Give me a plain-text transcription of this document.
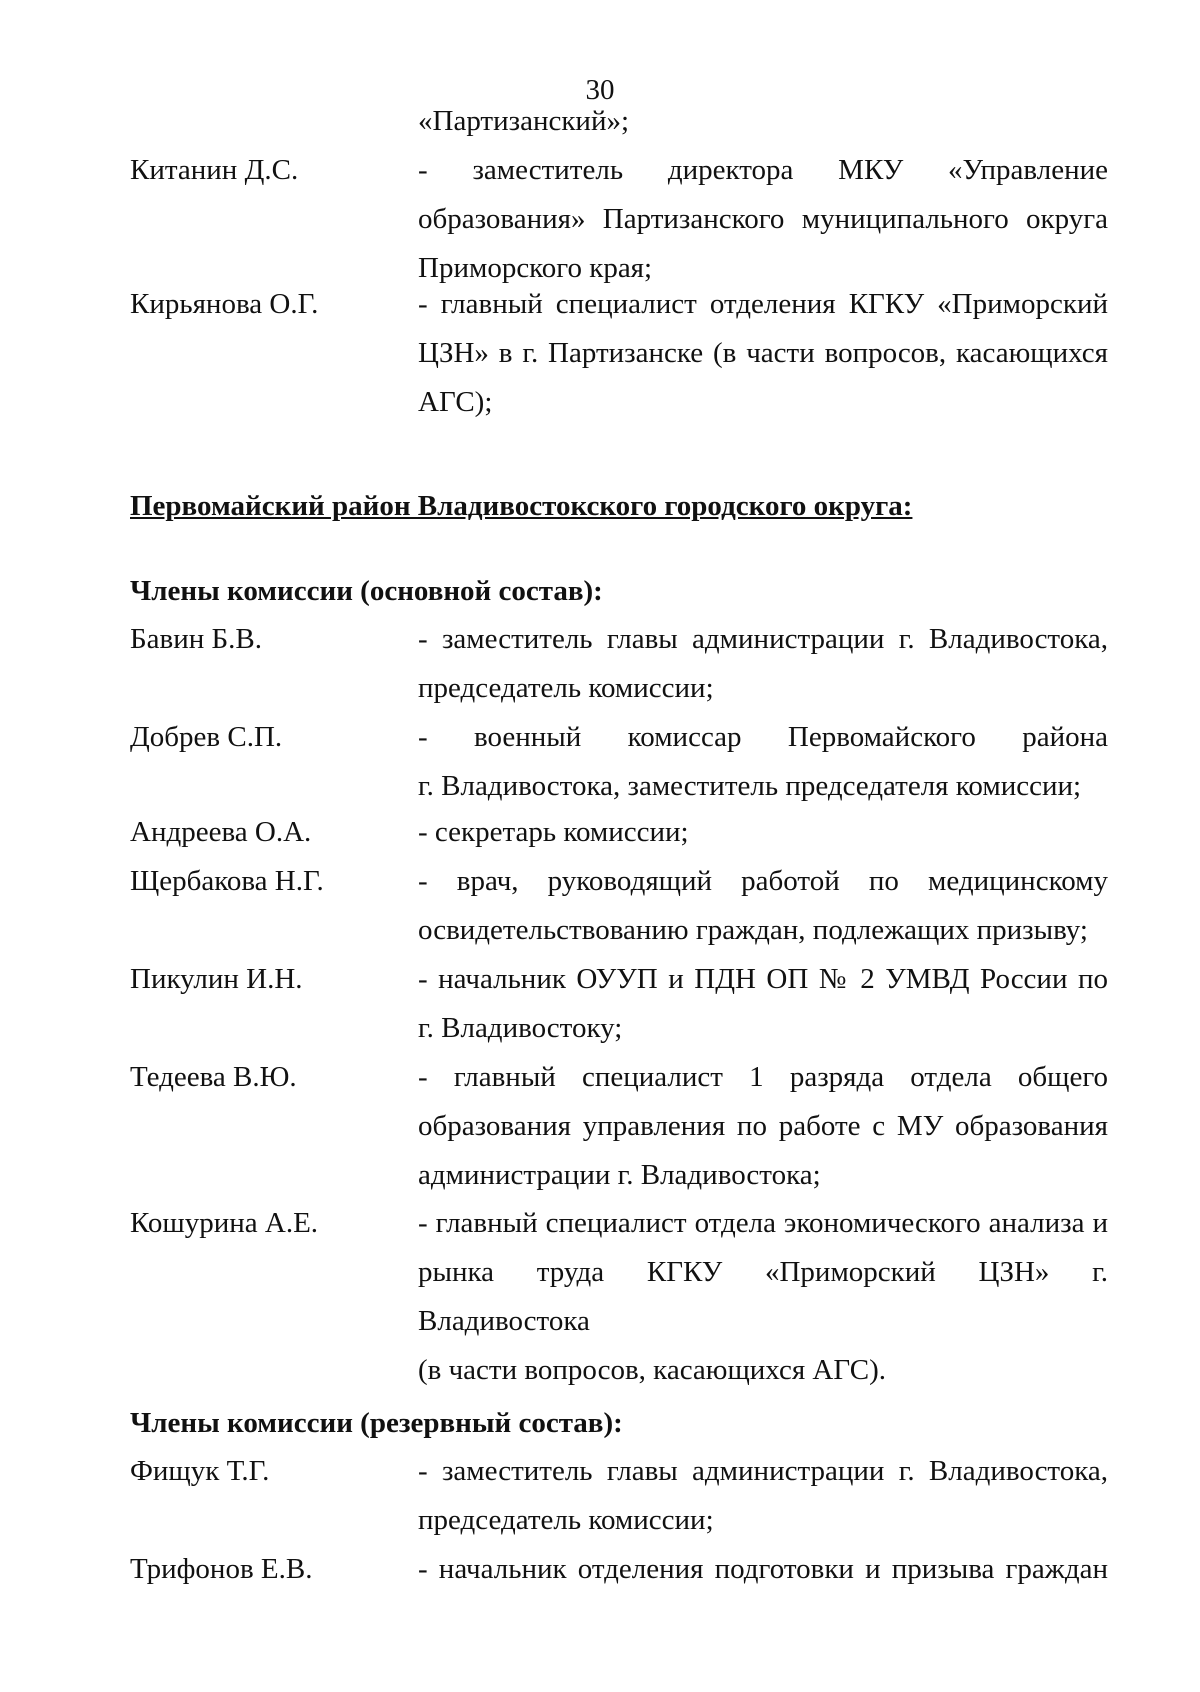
30

«Партизанский»;

Китанин Д.С.	- заместитель директора МКУ «Управление

образования» Партизанского муниципального округа

Приморского края;

Кирьянова О.Г.	- главный специалист отделения КГКУ «Приморский

ЦЗН» в г. Партизанске (в части вопросов, касающихся

АГС);

Первомайский район Владивостокского городского округа:
Члены комиссии (основной состав):
Бавин Б.В.	- заместитель главы администрации г. Владивостока,

председатель комиссии;

Добрев С.П.	- военный комиссар Первомайского района

г. Владивостока, заместитель председателя комиссии;

Андреева О.А.	- секретарь комиссии;

Щербакова Н.Г.	- врач, руководящий работой по медицинскому

освидетельствованию граждан, подлежащих призыву;

Пикулин И.Н.	- начальник ОУУП и ПДН ОП № 2 УМВД России по

г. Владивостоку;

Тедеева В.Ю.	- главный специалист 1 разряда отдела общего

образования управления по работе с МУ образования

администрации г. Владивостока;

Кошурина А.Е.	- главный специалист отдела экономического анализа и

рынка труда КГКУ «Приморский ЦЗН» г. Владивостока

(в части вопросов, касающихся АГС).

Члены комиссии (резервный состав):
Фищук Т.Г.	- заместитель главы администрации г. Владивостока,

председатель комиссии;

Трифонов Е.В.	- начальник отделения подготовки и призыва граждан
